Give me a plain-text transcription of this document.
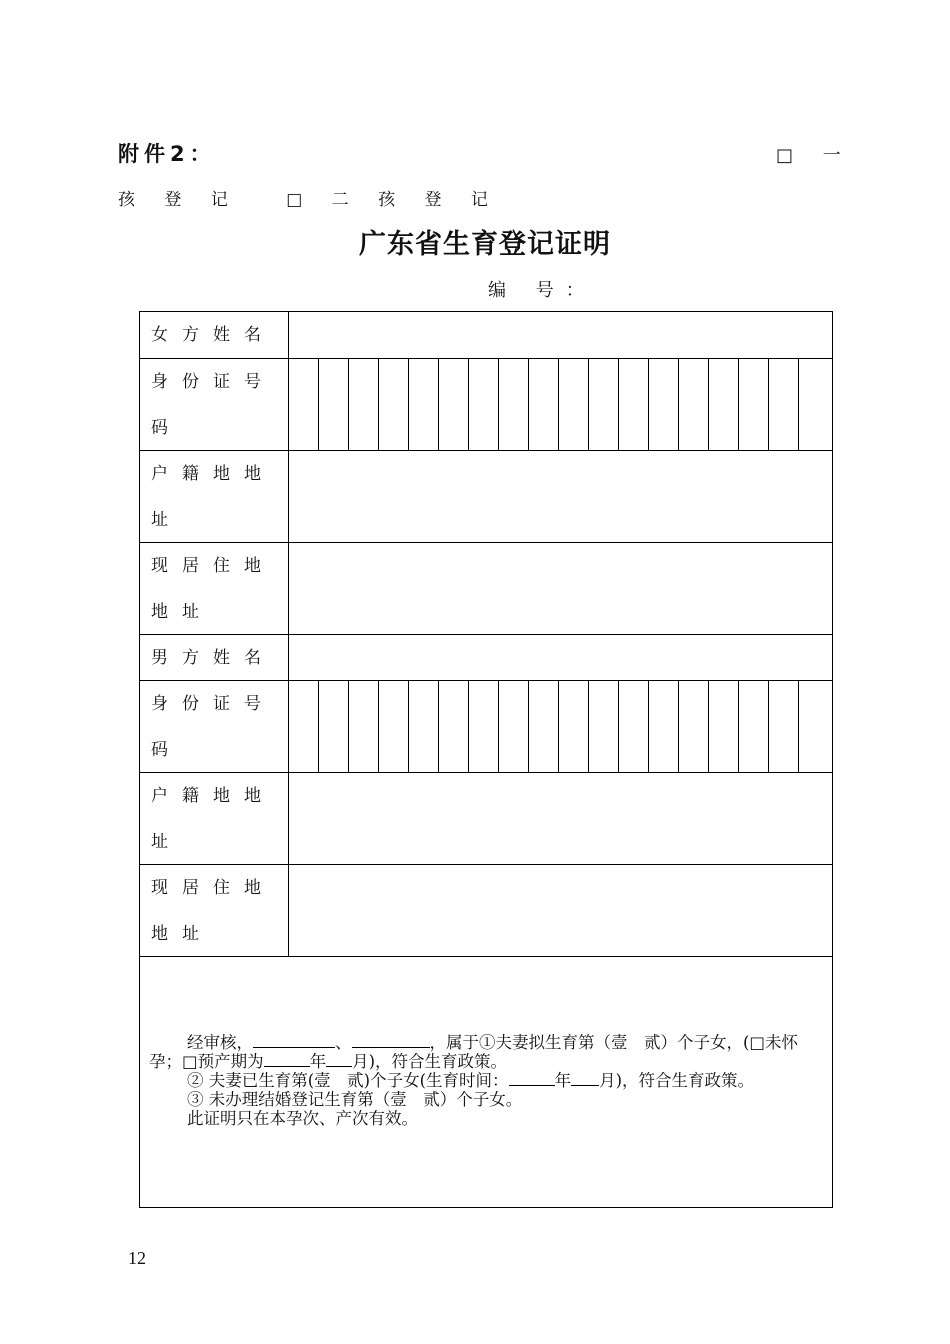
附件2：	□ 一
孩 登 记　 □ 二 孩 登 记
广东省生育登记证明
编 号：
女方姓名
身份证号码
户籍地地址
现居住地地址
男方姓名
身份证号码
户籍地地址
现居住地地址

经审核，	、	，属于①夫妻拟生育第（壹　贰）个子女，(□未怀孕；□预产期为	年 月)，符合生育政策。

② 夫妻已生育第(壹　贰)个子女(生育时间：	年 月)，符合生育政策。

③ 未办理结婚登记生育第（壹　贰）个子女。

此证明只在本孕次、产次有效。

12
